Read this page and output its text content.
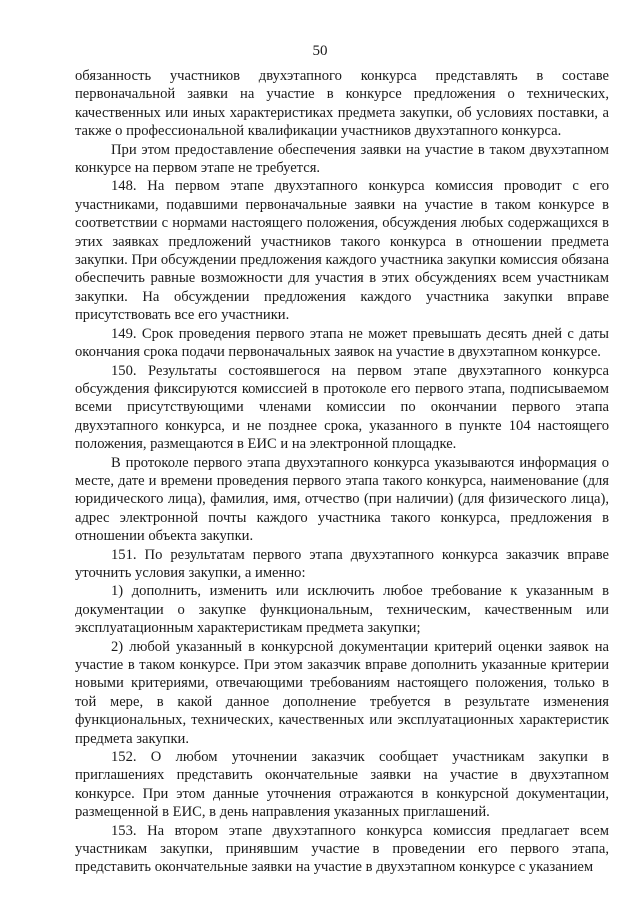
50

обязанность участников двухэтапного конкурса представлять в составе первоначальной заявки на участие в конкурсе предложения о технических, качественных или иных характеристиках предмета закупки, об условиях поставки, а также о профессиональной квалификации участников двухэтапного конкурса.

При этом предоставление обеспечения заявки на участие в таком двухэтапном конкурсе на первом этапе не требуется.

148. На первом этапе двухэтапного конкурса комиссия проводит с его участниками, подавшими первоначальные заявки на участие в таком конкурсе в соответствии с нормами настоящего положения, обсуждения любых содержащихся в этих заявках предложений участников такого конкурса в отношении предмета закупки. При обсуждении предложения каждого участника закупки комиссия обязана обеспечить равные возможности для участия в этих обсуждениях всем участникам закупки. На обсуждении предложения каждого участника закупки вправе присутствовать все его участники.

149. Срок проведения первого этапа не может превышать десять дней с даты окончания срока подачи первоначальных заявок на участие в двухэтапном конкурсе.

150. Результаты состоявшегося на первом этапе двухэтапного конкурса обсуждения фиксируются комиссией в протоколе его первого этапа, подписываемом всеми присутствующими членами комиссии по окончании первого этапа двухэтапного конкурса, и не позднее срока, указанного в пункте 104 настоящего положения, размещаются в ЕИС и на электронной площадке.

В протоколе первого этапа двухэтапного конкурса указываются информация о месте, дате и времени проведения первого этапа такого конкурса, наименование (для юридического лица), фамилия, имя, отчество (при наличии) (для физического лица), адрес электронной почты каждого участника такого конкурса, предложения в отношении объекта закупки.

151. По результатам первого этапа двухэтапного конкурса заказчик вправе уточнить условия закупки, а именно:

1) дополнить, изменить или исключить любое требование к указанным в документации о закупке функциональным, техническим, качественным или эксплуатационным характеристикам предмета закупки;

2) любой указанный в конкурсной документации критерий оценки заявок на участие в таком конкурсе. При этом заказчик вправе дополнить указанные критерии новыми критериями, отвечающими требованиям настоящего положения, только в той мере, в какой данное дополнение требуется в результате изменения функциональных, технических, качественных или эксплуатационных характеристик предмета закупки.

152. О любом уточнении заказчик сообщает участникам закупки в приглашениях представить окончательные заявки на участие в двухэтапном конкурсе. При этом данные уточнения отражаются в конкурсной документации, размещенной в ЕИС, в день направления указанных приглашений.

153. На втором этапе двухэтапного конкурса комиссия предлагает всем участникам закупки, принявшим участие в проведении его первого этапа, представить окончательные заявки на участие в двухэтапном конкурсе с указанием
